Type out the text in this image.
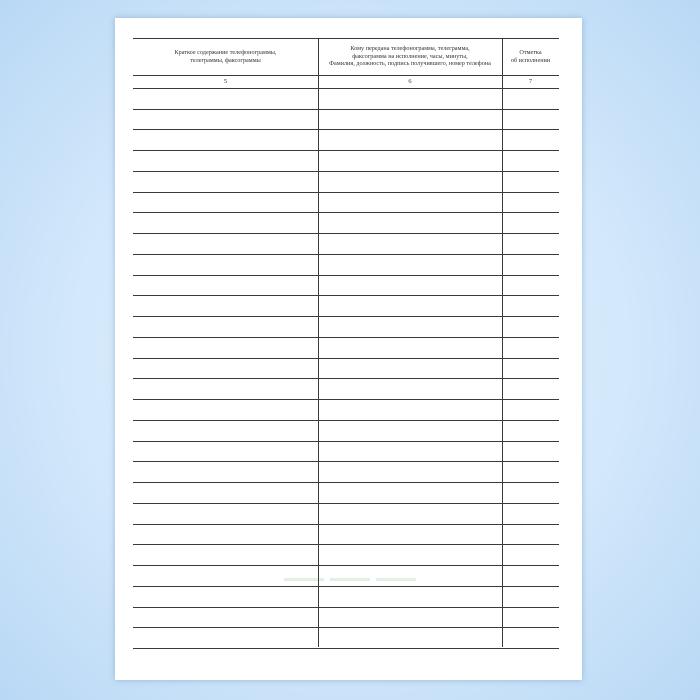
Краткое содержание телефонограммы,
телеграммы, факсограммы
Кому передана телефонограмма, телеграмма,
факсограмма на исполнение, часы, минуты,
Фамилия, должность, подпись получившего, номер телефона
Отметка
об исполнении
5	6	7
